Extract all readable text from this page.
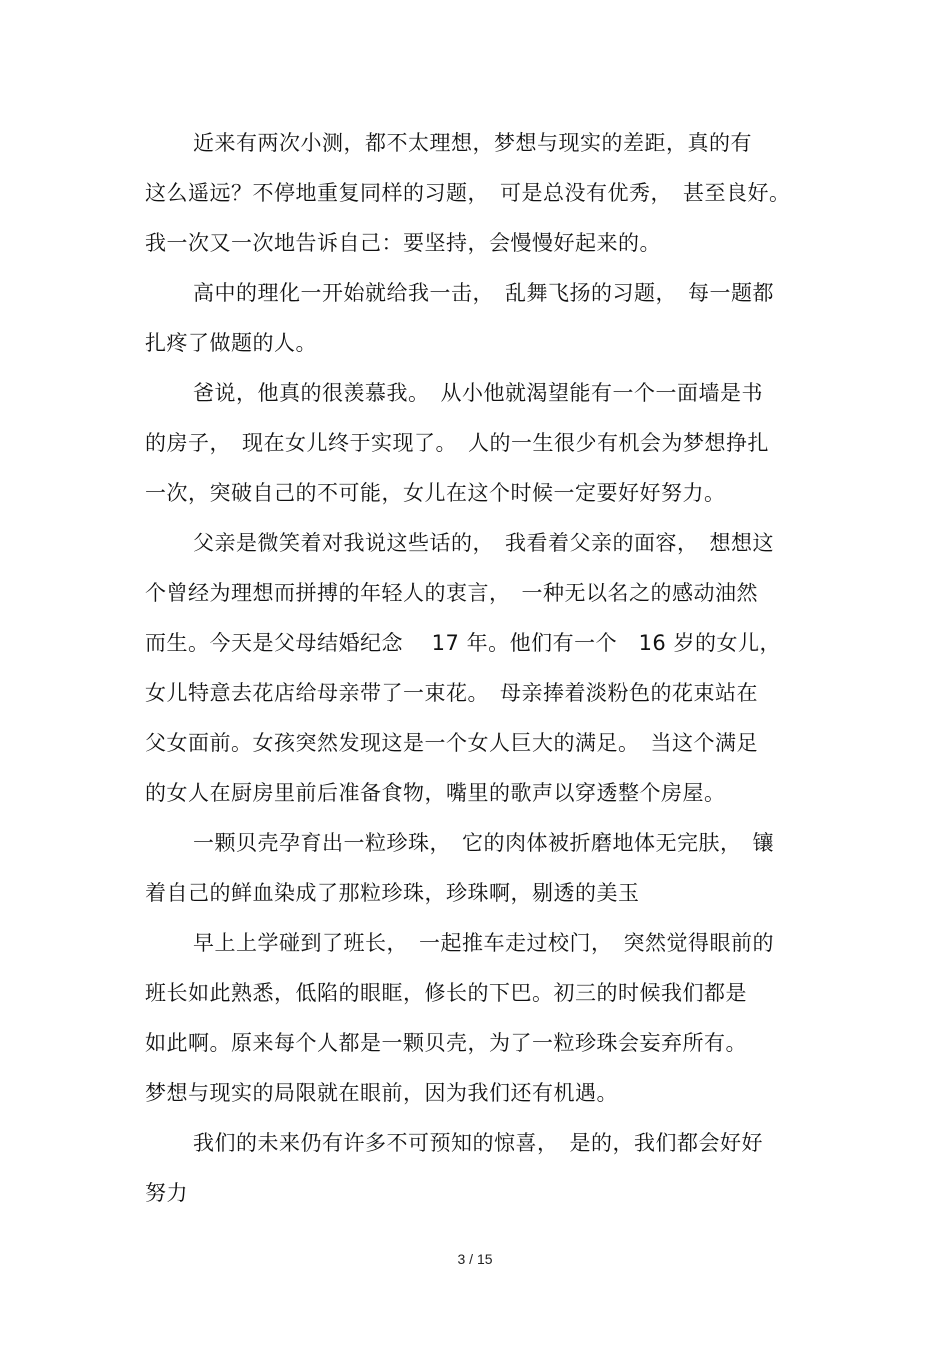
近来有两次小测，都不太理想，梦想与现实的差距，真的有
这么遥远？不停地重复同样的习题，　可是总没有优秀，　甚至良好。
我一次又一次地告诉自己：要坚持，会慢慢好起来的。
高中的理化一开始就给我一击，　乱舞飞扬的习题，　每一题都
扎疼了做题的人。
爸说，他真的很羡慕我。　从小他就渴望能有一个一面墙是书
的房子，　现在女儿终于实现了。　人的一生很少有机会为梦想挣扎
一次，突破自己的不可能，女儿在这个时候一定要好好努力。
父亲是微笑着对我说这些话的，　我看着父亲的面容，　想想这
个曾经为理想而拼搏的年轻人的衷言，　一种无以名之的感动油然
而生。今天是父母结婚纪念　 17 年。他们有一个　16 岁的女儿，
女儿特意去花店给母亲带了一束花。　母亲捧着淡粉色的花束站在
父女面前。女孩突然发现这是一个女人巨大的满足。　当这个满足
的女人在厨房里前后准备食物，嘴里的歌声以穿透整个房屋。
一颗贝壳孕育出一粒珍珠，　它的肉体被折磨地体无完肤，　镶
着自己的鲜血染成了那粒珍珠，珍珠啊，剔透的美玉
早上上学碰到了班长，　一起推车走过校门，　突然觉得眼前的
班长如此熟悉，低陷的眼眶，修长的下巴。初三的时候我们都是
如此啊。原来每个人都是一颗贝壳，为了一粒珍珠会妄弃所有。
梦想与现实的局限就在眼前，因为我们还有机遇。
我们的未来仍有许多不可预知的惊喜，　是的，我们都会好好
努力
3 / 15
